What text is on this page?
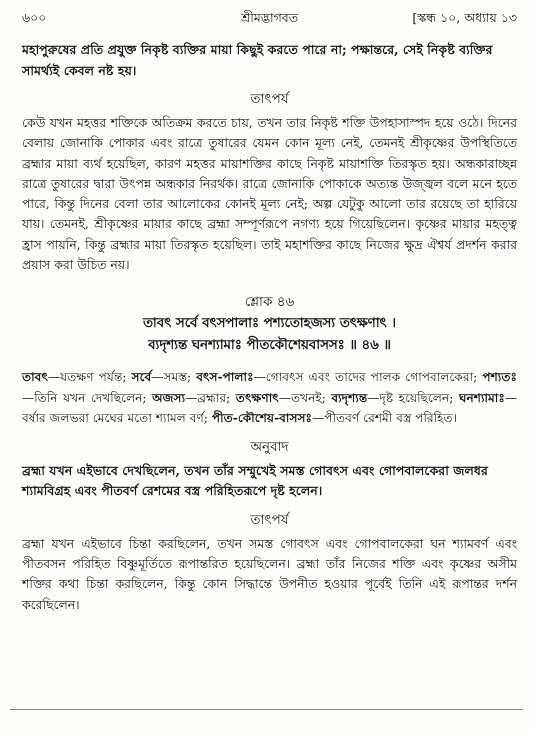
৬০০	শ্রীমদ্ভাগবত	[স্কন্ধ ১০, অধ্যায় ১৩

মহাপুরুষের প্রতি প্রযুক্ত নিকৃষ্ট ব্যক্তির মায়া কিছুই করতে পারে না; পক্ষান্তরে, সেই নিকৃষ্ট ব্যক্তির সামর্থ্যই কেবল নষ্ট হয়।

তাৎপর্য

কেউ যখন মহত্তর শক্তিকে অতিক্রম করতে চায়, তখন তার নিকৃষ্ট শক্তি উপহাসাস্পদ হয়ে ওঠে। দিনের বেলায় জোনাকি পোকার এবং রাত্রে তুষারের যেমন কোন মূল্য নেই, তেমনই শ্রীকৃষ্ণের উপস্থিতিতে ব্রহ্মার মায়া ব্যর্থ হয়েছিল, কারণ মহত্তর মায়াশক্তির কাছে নিকৃষ্ট মায়াশক্তি তিরস্কৃত হয়। অন্ধকারাচ্ছন্ন রাত্রে তুষারের দ্বারা উৎপন্ন অন্ধকার নিরর্থক। রাত্রে জোনাকি পোকাকে অত্যন্ত উজ্জ্বল বলে মনে হতে পারে, কিন্তু দিনের বেলা তার আলোকের কোনই মূল্য নেই; অল্প যেটুকু আলো তার রয়েছে তা হারিয়ে যায়। তেমনই, শ্রীকৃষ্ণের মায়ার কাছে ব্রহ্মা সম্পূর্ণরূপে নগণ্য হয়ে গিয়েছিলেন। কৃষ্ণের মায়ার মহত্ত্ব হ্রাস পায়নি, কিন্তু ব্রহ্মার মায়া তিরস্কৃত হয়েছিল। তাই মহাশক্তির কাছে নিজের ক্ষুদ্র ঐশ্বর্য প্রদর্শন করার প্রয়াস করা উচিত নয়।

শ্লোক ৪৬

তাবৎ সর্বে বৎসপালাঃ পশ্যতোহজস্য তৎক্ষণাৎ ।

ব্যদৃশ্যন্ত ঘনশ্যামাঃ পীতকৌশেয়বাসসঃ ॥ ৪৬ ॥

তাবৎ—যতক্ষণ পর্যন্ত; সর্বে—সমস্ত; বৎস-পালাঃ—গোবৎস এবং তাদের পালক গোপবালকেরা; পশ্যতঃ—তিনি যখন দেখছিলেন; অজস্য—ব্রহ্মার; তৎক্ষণাৎ—তখনই; ব্যদৃশ্যন্ত—দৃষ্ট হয়েছিলেন; ঘনশ্যামাঃ—বর্ষার জলভরা মেঘের মতো শ্যামল বর্ণ; পীত-কৌশেয়-বাসসঃ—পীতবর্ণ রেশমী বস্ত্র পরিহিত।

অনুবাদ

ব্রহ্মা যখন এইভাবে দেখছিলেন, তখন তাঁর সম্মুখেই সমস্ত গোবৎস এবং গোপবালকেরা জলধর শ্যামবিগ্রহ এবং পীতবর্ণ রেশমের বস্ত্র পরিহিতরূপে দৃষ্ট হলেন।

তাৎপর্য

ব্রহ্মা যখন এইভাবে চিন্তা করছিলেন, তখন সমস্ত গোবৎস এবং গোপবালকেরা ঘন শ্যামবর্ণ এবং পীতবসন পরিহিত বিষ্ণুমূর্তিতে রূপান্তরিত হয়েছিলেন। ব্রহ্মা তাঁর নিজের শক্তি এবং কৃষ্ণের অসীম শক্তির কথা চিন্তা করছিলেন, কিন্তু কোন সিদ্ধান্তে উপনীত হওয়ার পূর্বেই তিনি এই রূপান্তর দর্শন করেছিলেন।
